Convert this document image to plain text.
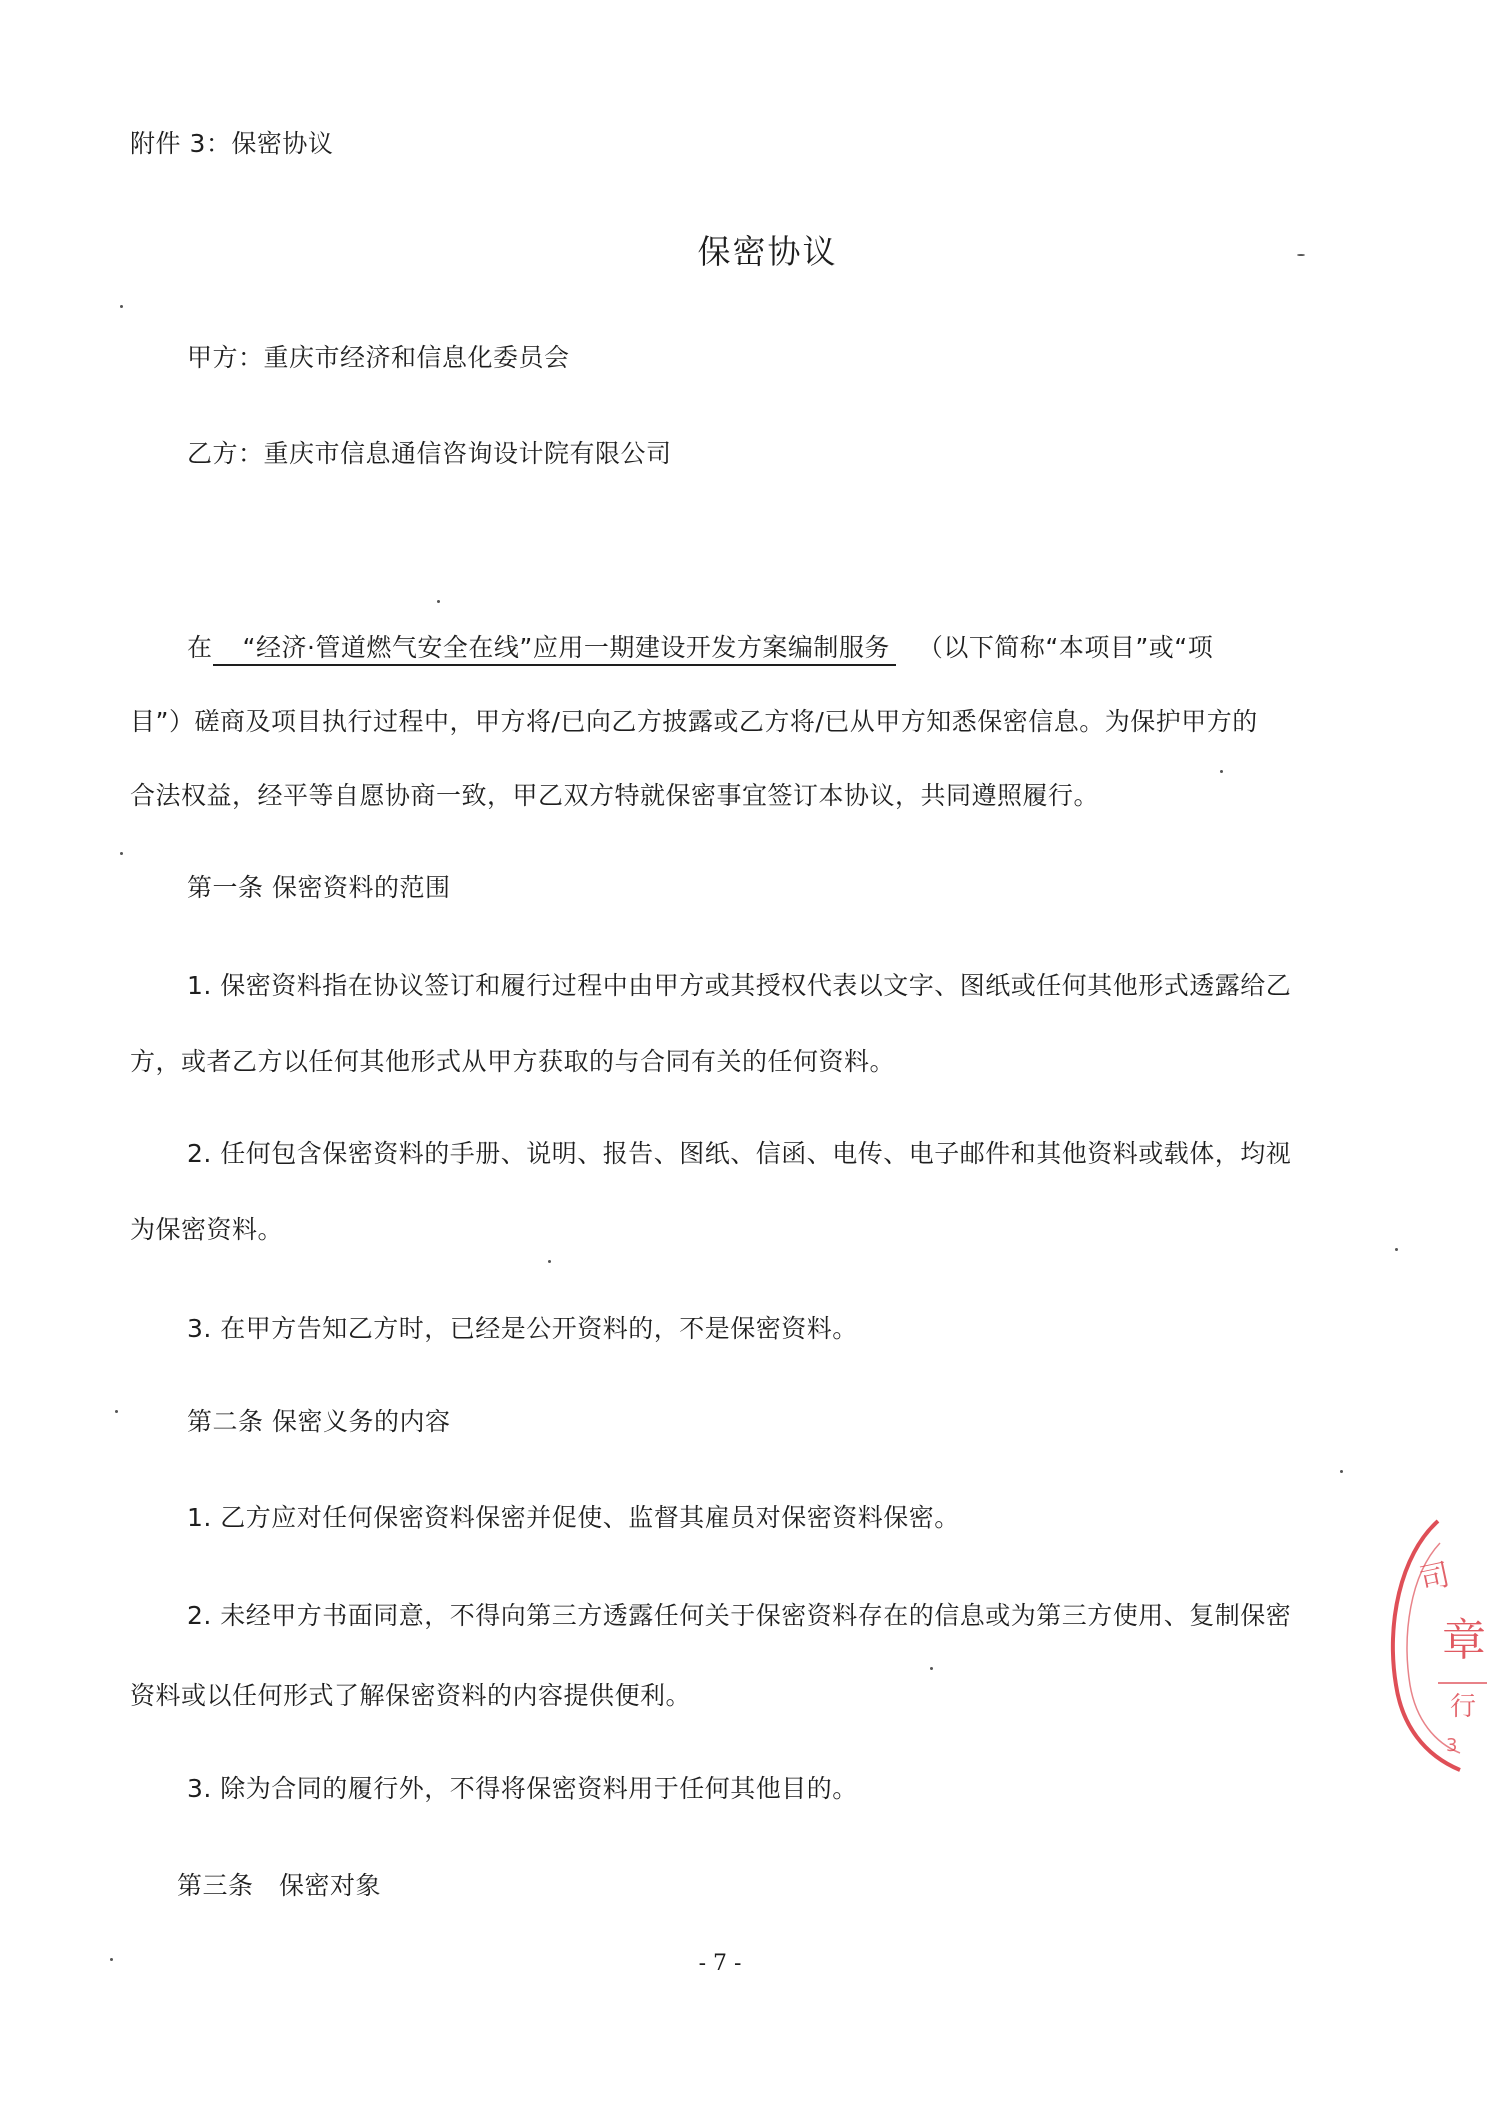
附件 3：保密协议
保密协议
甲方：重庆市经济和信息化委员会
乙方：重庆市信息通信咨询设计院有限公司
在 “经济·管道燃气安全在线”应用一期建设开发方案编制服务 （以下简称“本项目”或“项
目”）磋商及项目执行过程中，甲方将/已向乙方披露或乙方将/已从甲方知悉保密信息。为保护甲方的
合法权益，经平等自愿协商一致，甲乙双方特就保密事宜签订本协议，共同遵照履行。
第一条 保密资料的范围
1. 保密资料指在协议签订和履行过程中由甲方或其授权代表以文字、图纸或任何其他形式透露给乙
方，或者乙方以任何其他形式从甲方获取的与合同有关的任何资料。
2. 任何包含保密资料的手册、说明、报告、图纸、信函、电传、电子邮件和其他资料或载体，均视
为保密资料。
3. 在甲方告知乙方时，已经是公开资料的，不是保密资料。
第二条 保密义务的内容
1. 乙方应对任何保密资料保密并促使、监督其雇员对保密资料保密。
2. 未经甲方书面同意，不得向第三方透露任何关于保密资料存在的信息或为第三方使用、复制保密
资料或以任何形式了解保密资料的内容提供便利。
3. 除为合同的履行外，不得将保密资料用于任何其他目的。
第三条　保密对象
- 7 -
司
章
行
3
